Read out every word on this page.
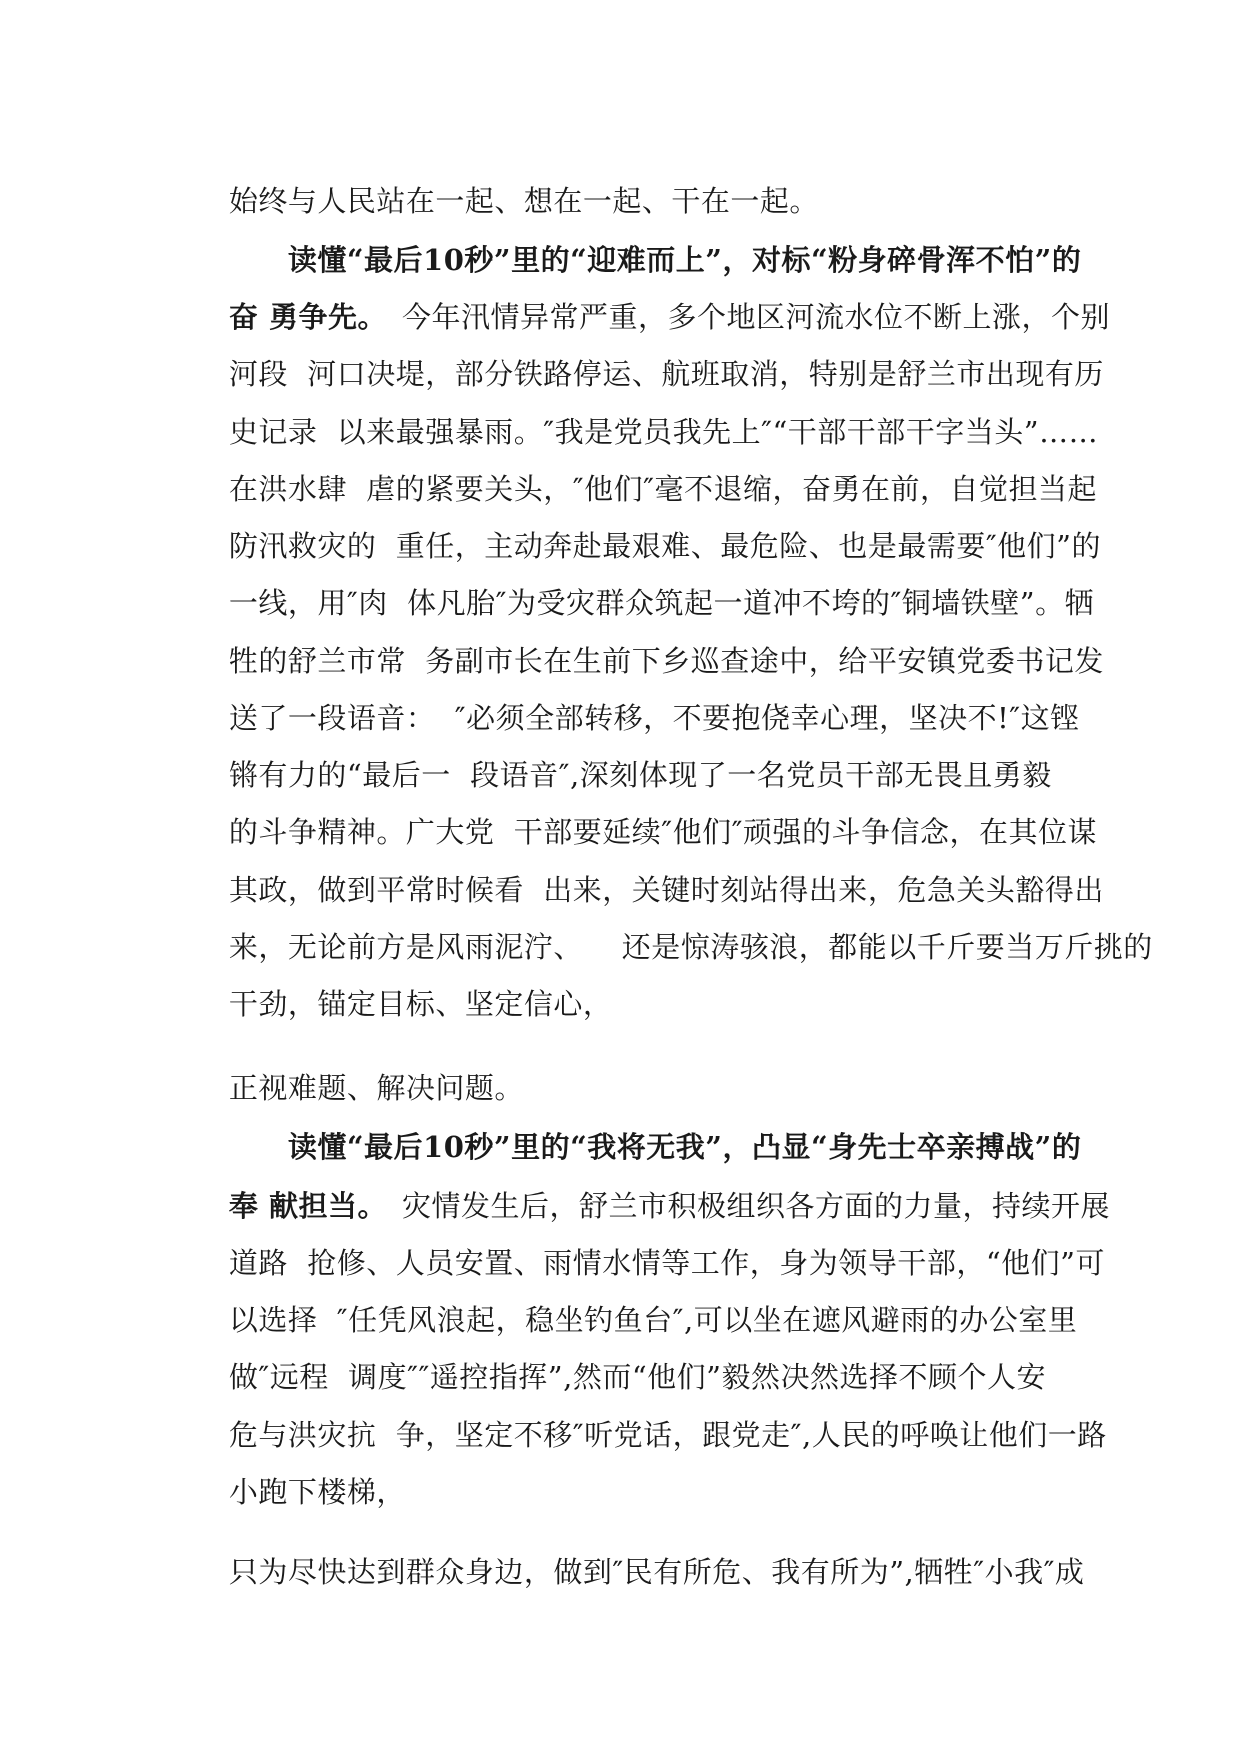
始终与人民站在一起、想在一起、干在一起。

　　读懂“最后10秒”里的“迎难而上”，对标“粉身碎骨浑不怕”的

奋 勇争先。　今年汛情异常严重，多个地区河流水位不断上涨，个别

河段  河口决堤，部分铁路停运、航班取消，特别是舒兰市出现有历

史记录  以来最强暴雨。″我是党员我先上″“干部干部干字当头”……

在洪水肆  虐的紧要关头，″他们″毫不退缩，奋勇在前，自觉担当起

防汛救灾的  重任，主动奔赴最艰难、最危险、也是最需要″他们”的

一线，用″肉  体凡胎″为受灾群众筑起一道冲不垮的″铜墙铁壁”。牺

牲的舒兰市常  务副市长在生前下乡巡查途中，给平安镇党委书记发

送了一段语音：  ″必须全部转移，不要抱侥幸心理，坚决不!″这铿

锵有力的“最后一  段语音″,深刻体现了一名党员干部无畏且勇毅

的斗争精神。广大党  干部要延续″他们″顽强的斗争信念，在其位谋

其政，做到平常时候看  出来，关键时刻站得出来，危急关头豁得出

来，无论前方是风雨泥泞、    还是惊涛骇浪，都能以千斤要当万斤挑的

干劲，锚定目标、坚定信心，

正视难题、解决问题。

　　读懂“最后10秒”里的“我将无我”，凸显“身先士卒亲搏战”的

奉 献担当。　灾情发生后，舒兰市积极组织各方面的力量，持续开展

道路  抢修、人员安置、雨情水情等工作，身为领导干部，“他们”可

以选择  ″任凭风浪起，稳坐钓鱼台″,可以坐在遮风避雨的办公室里

做″远程  调度″″遥控指挥”,然而“他们”毅然决然选择不顾个人安

危与洪灾抗  争，坚定不移″听党话，跟党走″,人民的呼唤让他们一路

小跑下楼梯，

只为尽快达到群众身边，做到″民有所危、我有所为”,牺牲″小我″成
